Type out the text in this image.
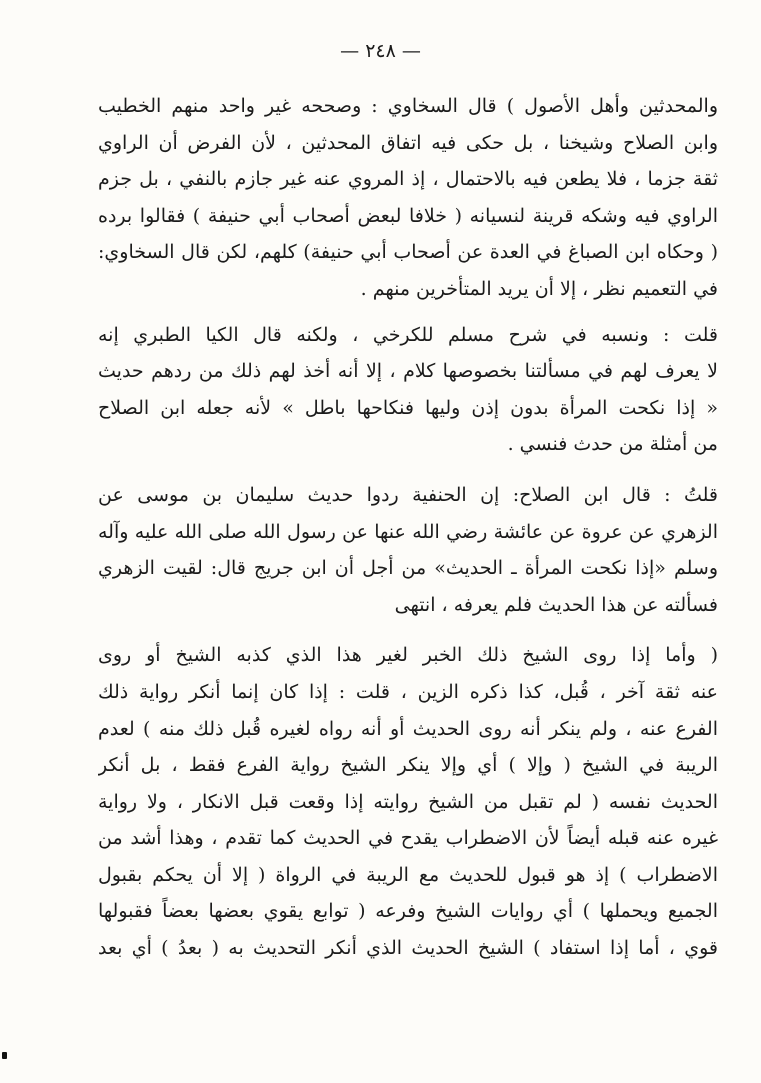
— ٢٤٨ —

والمحدثين وأهل الأصول ) قال السخاوي : وصححه غير واحد منهم الخطيب
وابن الصلاح وشيخنا ، بل حكى فيه اتفاق المحدثين ، لأن الفرض أن الراوي
ثقة جزما ، فلا يطعن فيه بالاحتمال ، إذ المروي عنه غير جازم بالنفي ، بل جزم
الراوي فيه وشكه قرينة لنسيانه ( خلافا لبعض أصحاب أبي حنيفة ) فقالوا برده
( وحكاه ابن الصباغ في العدة عن أصحاب أبي حنيفة) كلهم، لكن قال السخاوي:
في التعميم نظر ، إلا أن يريد المتأخرين منهم .

قلت : ونسبه في شرح مسلم للكرخي ، ولكنه قال الكيا الطبري إنه
لا يعرف لهم في مسألتنا بخصوصها كلام ، إلا أنه أخذ لهم ذلك من ردهم حديث
« إذا نكحت المرأة بدون إذن وليها فنكاحها باطل » لأنه جعله ابن الصلاح
من أمثلة من حدث فنسي .

قلتُ : قال ابن الصلاح: إن الحنفية ردوا حديث سليمان بن موسى عن
الزهري عن عروة عن عائشة رضي الله عنها عن رسول الله صلى الله عليه وآله
وسلم «إذا نكحت المرأة ـ الحديث» من أجل أن ابن جريج قال: لقيت الزهري
فسألته عن هذا الحديث فلم يعرفه ، انتهى

( وأما إذا روى الشيخ ذلك الخبر لغير هذا الذي كذبه الشيخ أو روى
عنه ثقة آخر ، قُبل، كذا ذكره الزين ، قلت : إذا كان إنما أنكر رواية ذلك
الفرع عنه ، ولم ينكر أنه روى الحديث أو أنه رواه لغيره قُبل ذلك منه ) لعدم
الريبة في الشيخ ( وإلا ) أي وإلا ينكر الشيخ رواية الفرع فقط ، بل أنكر
الحديث نفسه ( لم تقبل من الشيخ روايته إذا وقعت قبل الانكار ، ولا رواية
غيره عنه قبله أيضاً لأن الاضطراب يقدح في الحديث كما تقدم ، وهذا أشد من
الاضطراب ) إذ هو قبول للحديث مع الريبة في الرواة ( إلا أن يحكم بقبول
الجميع ويحملها ) أي روايات الشيخ وفرعه ( توابع يقوي بعضها بعضاً فقبولها
قوي ، أما إذا استفاد ) الشيخ الحديث الذي أنكر التحديث به ( بعدُ ) أي بعد
